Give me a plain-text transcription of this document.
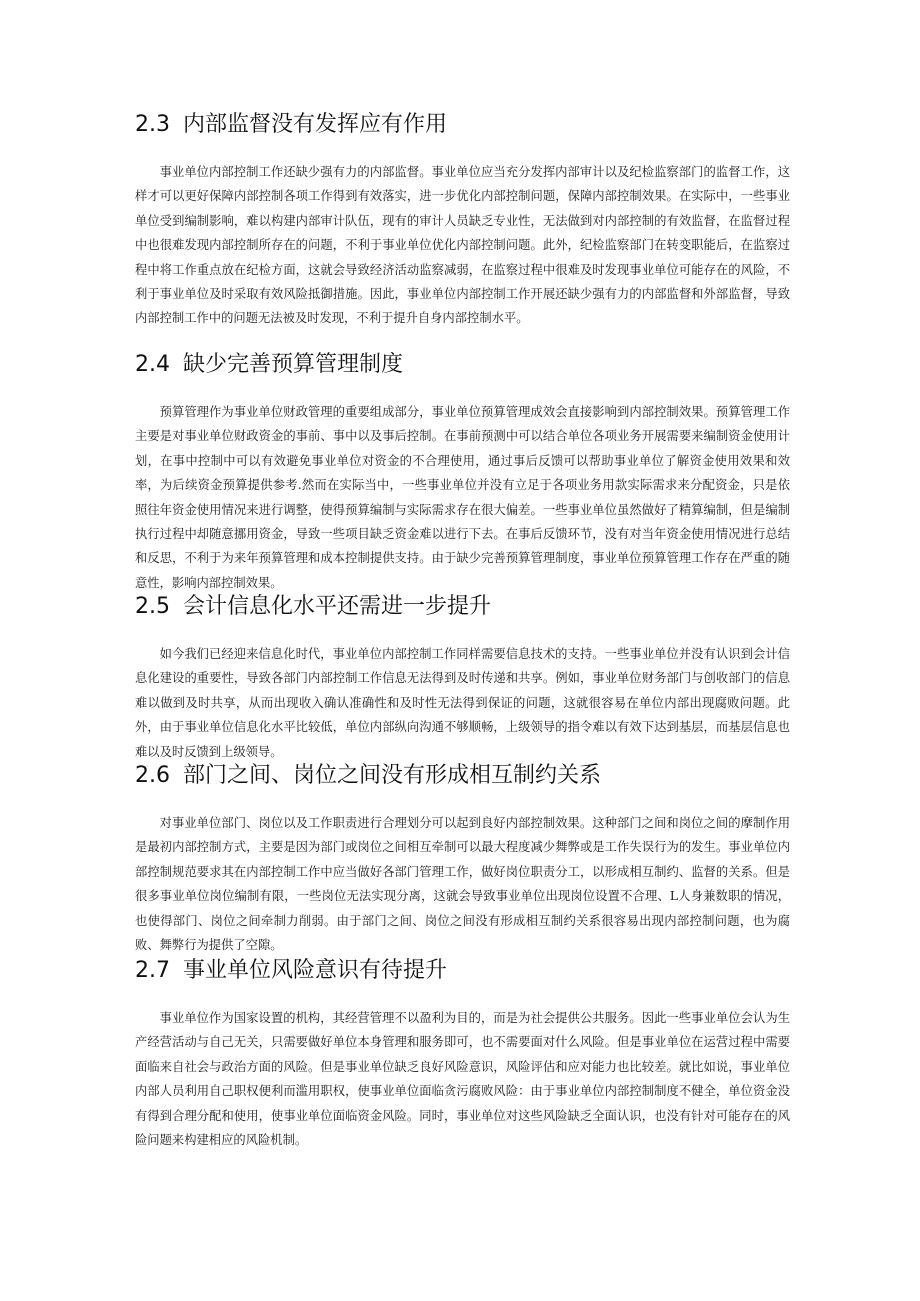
2.3 内部监督没有发挥应有作用

事业单位内部控制工作还缺少强有力的内部监督。事业单位应当充分发挥内部审计以及纪检监察部门的监督工作，这样才可以更好保障内部控制各项工作得到有效落实，进一步优化内部控制问题，保障内部控制效果。在实际中，一些事业单位受到编制影响，难以构建内部审计队伍，现有的审计人员缺乏专业性，无法做到对内部控制的有效监督，在监督过程中也很难发现内部控制所存在的问题，不利于事业单位优化内部控制问题。此外，纪检监察部门在转变职能后，在监察过程中将工作重点放在纪检方面，这就会导致经济活动监察减弱，在监察过程中很难及时发现事业单位可能存在的风险，不利于事业单位及时采取有效风险抵御措施。因此，事业单位内部控制工作开展还缺少强有力的内部监督和外部监督，导致内部控制工作中的问题无法被及时发现，不利于提升自身内部控制水平。

2.4 缺少完善预算管理制度

预算管理作为事业单位财政管理的重要组成部分，事业单位预算管理成效会直接影响到内部控制效果。预算管理工作主要是对事业单位财政资金的事前、事中以及事后控制。在事前预测中可以结合单位各项业务开展需要来编制资金使用计划，在事中控制中可以有效避免事业单位对资金的不合理使用，通过事后反馈可以帮助事业单位了解资金使用效果和效率，为后续资金预算提供参考.然而在实际当中，一些事业单位并没有立足于各项业务用款实际需求来分配资金，只是依照往年资金使用情况来进行调整，使得预算编制与实际需求存在很大偏差。一些事业单位虽然做好了精算编制，但是编制执行过程中却随意挪用资金，导致一些项目缺乏资金难以进行下去。在事后反馈环节，没有对当年资金使用情况进行总结和反思，不利于为来年预算管理和成本控制提供支持。由于缺少完善预算管理制度，事业单位预算管理工作存在严重的随意性，影响内部控制效果。

2.5 会计信息化水平还需进一步提升

如今我们已经迎来信息化时代，事业单位内部控制工作同样需要信息技术的支持。一些事业单位并没有认识到会计信息化建设的重要性，导致各部门内部控制工作信息无法得到及时传递和共享。例如，事业单位财务部门与创收部门的信息难以做到及时共享，从而出现收入确认准确性和及时性无法得到保证的问题，这就很容易在单位内部出现腐败问题。此外，由于事业单位信息化水平比较低，单位内部纵向沟通不够顺畅，上级领导的指令难以有效下达到基层，而基层信息也难以及时反馈到上级领导。

2.6 部门之间、岗位之间没有形成相互制约关系

对事业单位部门、岗位以及工作职责进行合理划分可以起到良好内部控制效果。这种部门之间和岗位之间的摩制作用是最初内部控制方式，主要是因为部门或岗位之间相互牵制可以最大程度减少舞弊或是工作失误行为的发生。事业单位内部控制规范要求其在内部控制工作中应当做好各部门管理工作，做好岗位职责分工，以形成相互制约、监督的关系。但是很多事业单位岗位编制有限，一些岗位无法实现分离，这就会导致事业单位出现岗位设置不合理、L人身兼数职的情况，也使得部门、岗位之间牵制力削弱。由于部门之间、岗位之间没有形成相互制约关系很容易出现内部控制问题，也为腐败、舞弊行为提供了空隙。

2.7 事业单位风险意识有待提升

事业单位作为国家设置的机构，其经营管理不以盈利为目的，而是为社会提供公共服务。因此一些事业单位会认为生产经营活动与自己无关，只需要做好单位本身管理和服务即可，也不需要面对什么风险。但是事业单位在运营过程中需要面临来自社会与政治方面的风险。但是事业单位缺乏良好风险意识，风险评估和应对能力也比较差。就比如说，事业单位内部人员利用自己职权便利而滥用职权，使事业单位面临贪污腐败风险：由于事业单位内部控制制度不健全，单位资金没有得到合理分配和使用，使事业单位面临资金风险。同时，事业单位对这些风险缺乏全面认识，也没有针对可能存在的风险问题来构建相应的风险机制。
